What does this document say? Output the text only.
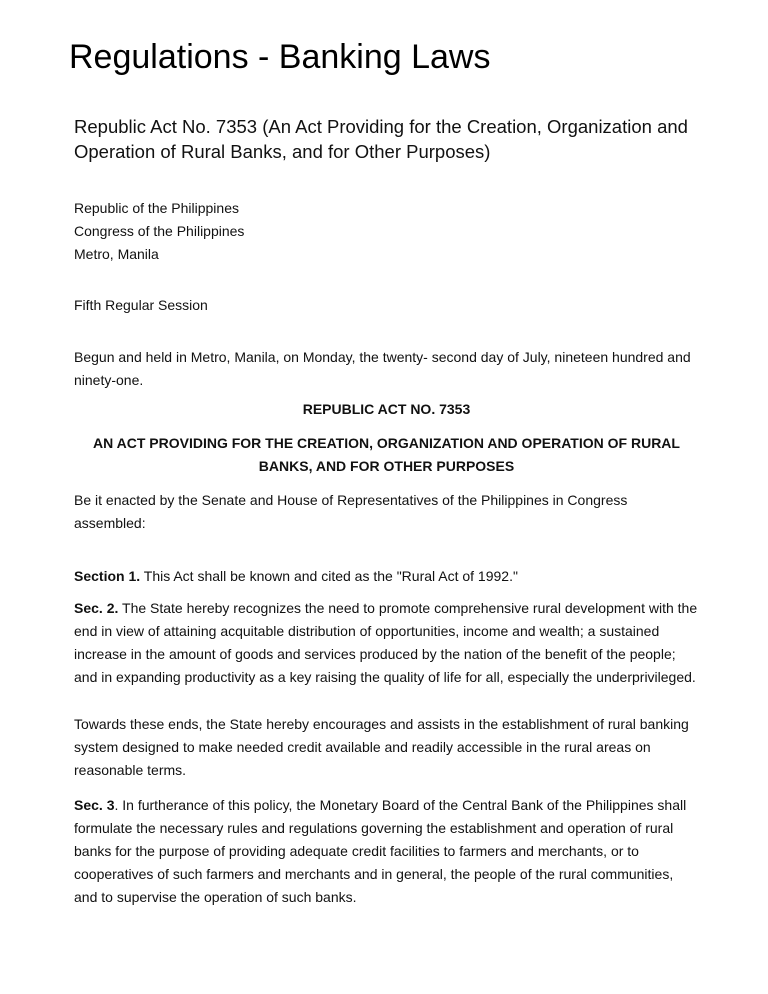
Regulations - Banking Laws
Republic Act No. 7353 (An Act Providing for the Creation, Organization and Operation of Rural Banks, and for Other Purposes)
Republic of the Philippines
Congress of the Philippines
Metro, Manila

Fifth Regular Session

Begun and held in Metro, Manila, on Monday, the twenty- second day of July, nineteen hundred and ninety-one.

REPUBLIC ACT NO. 7353

AN ACT PROVIDING FOR THE CREATION, ORGANIZATION AND OPERATION OF RURAL BANKS, AND FOR OTHER PURPOSES

Be it enacted by the Senate and House of Representatives of the Philippines in Congress assembled:

Section 1. This Act shall be known and cited as the "Rural Act of 1992."

Sec. 2. The State hereby recognizes the need to promote comprehensive rural development with the end in view of attaining acquitable distribution of opportunities, income and wealth; a sustained increase in the amount of goods and services produced by the nation of the benefit of the people; and in expanding productivity as a key raising the quality of life for all, especially the underprivileged.

Towards these ends, the State hereby encourages and assists in the establishment of rural banking system designed to make needed credit available and readily accessible in the rural areas on reasonable terms.

Sec. 3. In furtherance of this policy, the Monetary Board of the Central Bank of the Philippines shall formulate the necessary rules and regulations governing the establishment and operation of rural banks for the purpose of providing adequate credit facilities to farmers and merchants, or to cooperatives of such farmers and merchants and in general, the people of the rural communities, and to supervise the operation of such banks.
